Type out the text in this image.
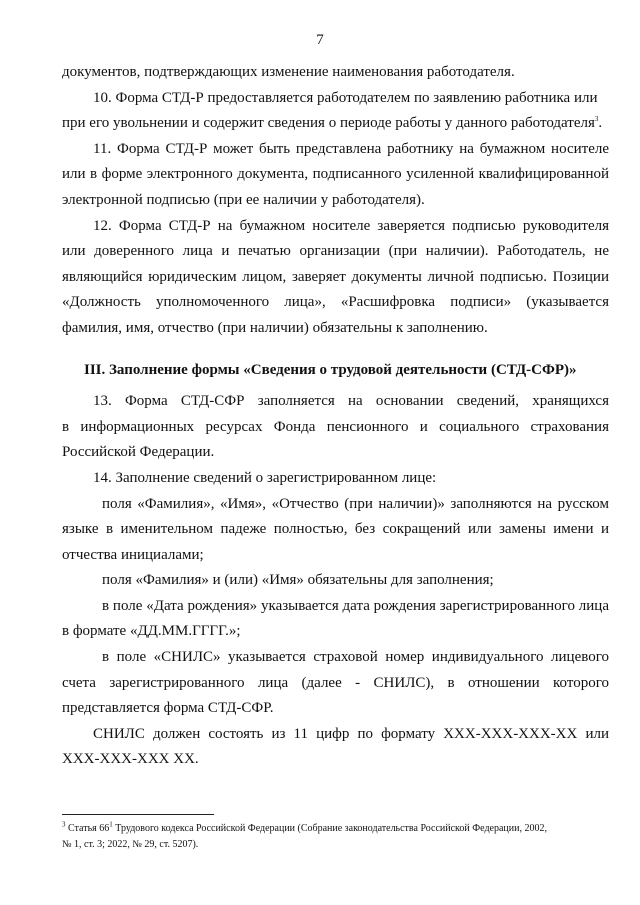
7

документов, подтверждающих изменение наименования работодателя.

10. Форма СТД-Р предоставляется работодателем по заявлению работника или

при его увольнении и содержит сведения о периоде работы у данного работодателя$^3$.

11. Форма СТД-Р может быть представлена работнику на бумажном носителе

или в форме электронного документа, подписанного усиленной квалифицированной

электронной подписью (при ее наличии у работодателя).

12. Форма СТД-Р на бумажном носителе заверяется подписью руководителя

или доверенного лица и печатью организации (при наличии). Работодатель, не

являющийся юридическим лицом, заверяет документы личной подписью. Позиции

«Должность уполномоченного лица», «Расшифровка подписи» (указывается

фамилия, имя, отчество (при наличии) обязательны к заполнению.

III. Заполнение формы «Сведения о трудовой деятельности (СТД-СФР)»

13. Форма СТД-СФР заполняется на основании сведений, хранящихся

в информационных ресурсах Фонда пенсионного и социального страхования

Российской Федерации.

14. Заполнение сведений о зарегистрированном лице:

поля «Фамилия», «Имя», «Отчество (при наличии)» заполняются на русском

языке в именительном падеже полностью, без сокращений или замены имени и

отчества инициалами;

поля «Фамилия» и (или) «Имя» обязательны для заполнения;

в поле «Дата рождения» указывается дата рождения зарегистрированного лица

в формате «ДД.ММ.ГГГГ.»;

в поле «СНИЛС» указывается страховой номер индивидуального лицевого

счета зарегистрированного лица (далее - СНИЛС), в отношении которого

представляется форма СТД-СФР.

СНИЛС должен состоять из 11 цифр по формату ХХХ-ХХХ-ХХХ-ХХ или

ХХХ-ХХХ-ХХХ ХХ.

$^3$ Статья 66$^1$ Трудового кодекса Российской Федерации (Собрание законодательства Российской Федерации, 2002,

№ 1, ст. 3; 2022, № 29, ст. 5207).
